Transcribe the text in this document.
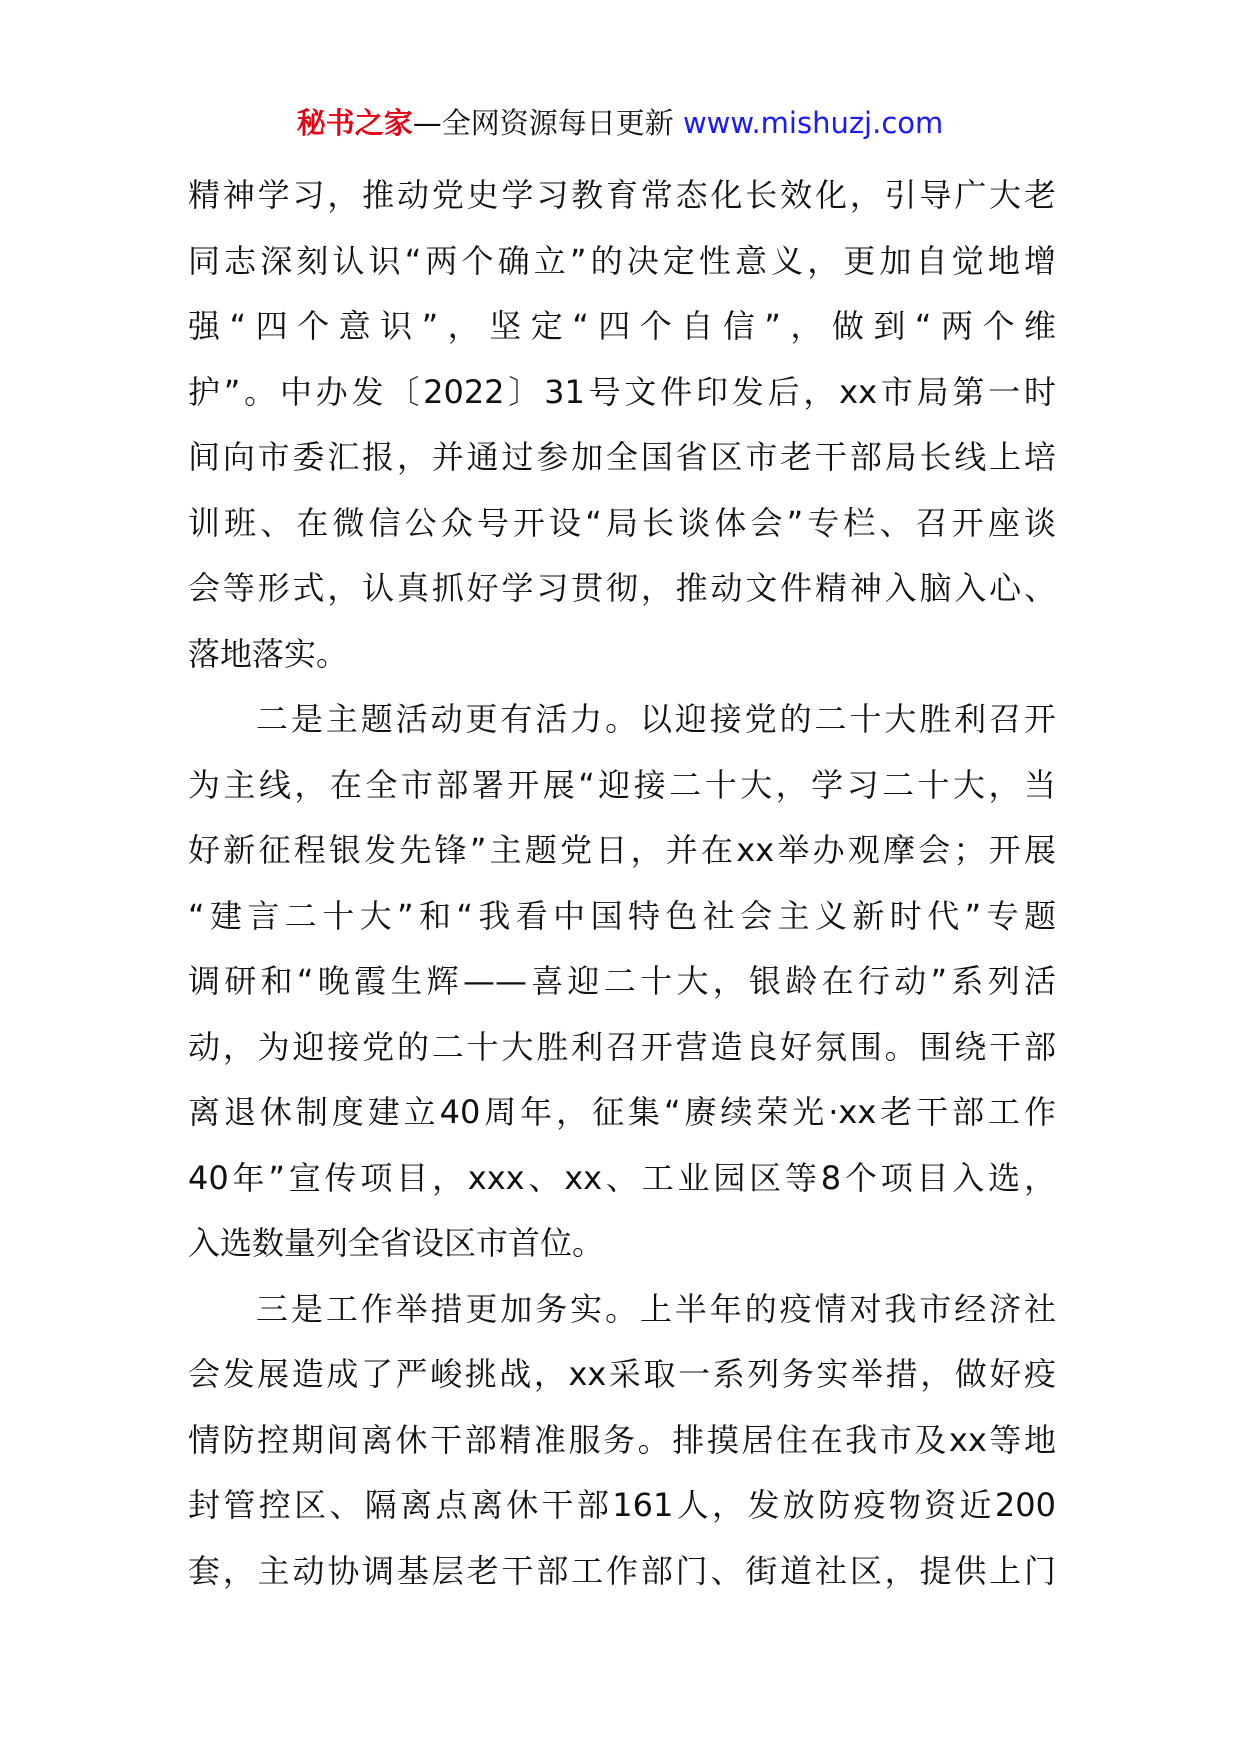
秘书之家—全网资源每日更新 www.mishuzj.com
精神学习，推动党史学习教育常态化长效化，引导广大老
同志深刻认识“两个确立”的决定性意义，更加自觉地增
强“四个意识”，坚定“四个自信”，做到“两个维
护”。中办发〔2022〕31号文件印发后，xx市局第一时
间向市委汇报，并通过参加全国省区市老干部局长线上培
训班、在微信公众号开设“局长谈体会”专栏、召开座谈
会等形式，认真抓好学习贯彻，推动文件精神入脑入心、
落地落实。
二是主题活动更有活力。以迎接党的二十大胜利召开
为主线，在全市部署开展“迎接二十大，学习二十大，当
好新征程银发先锋”主题党日，并在xx举办观摩会；开展
“建言二十大”和“我看中国特色社会主义新时代”专题
调研和“晚霞生辉——喜迎二十大，银龄在行动”系列活
动，为迎接党的二十大胜利召开营造良好氛围。围绕干部
离退休制度建立40周年，征集“赓续荣光·xx老干部工作
40年”宣传项目，xxx、xx、工业园区等8个项目入选，
入选数量列全省设区市首位。
三是工作举措更加务实。上半年的疫情对我市经济社
会发展造成了严峻挑战，xx采取一系列务实举措，做好疫
情防控期间离休干部精准服务。排摸居住在我市及xx等地
封管控区、隔离点离休干部161人，发放防疫物资近200
套，主动协调基层老干部工作部门、街道社区，提供上门
